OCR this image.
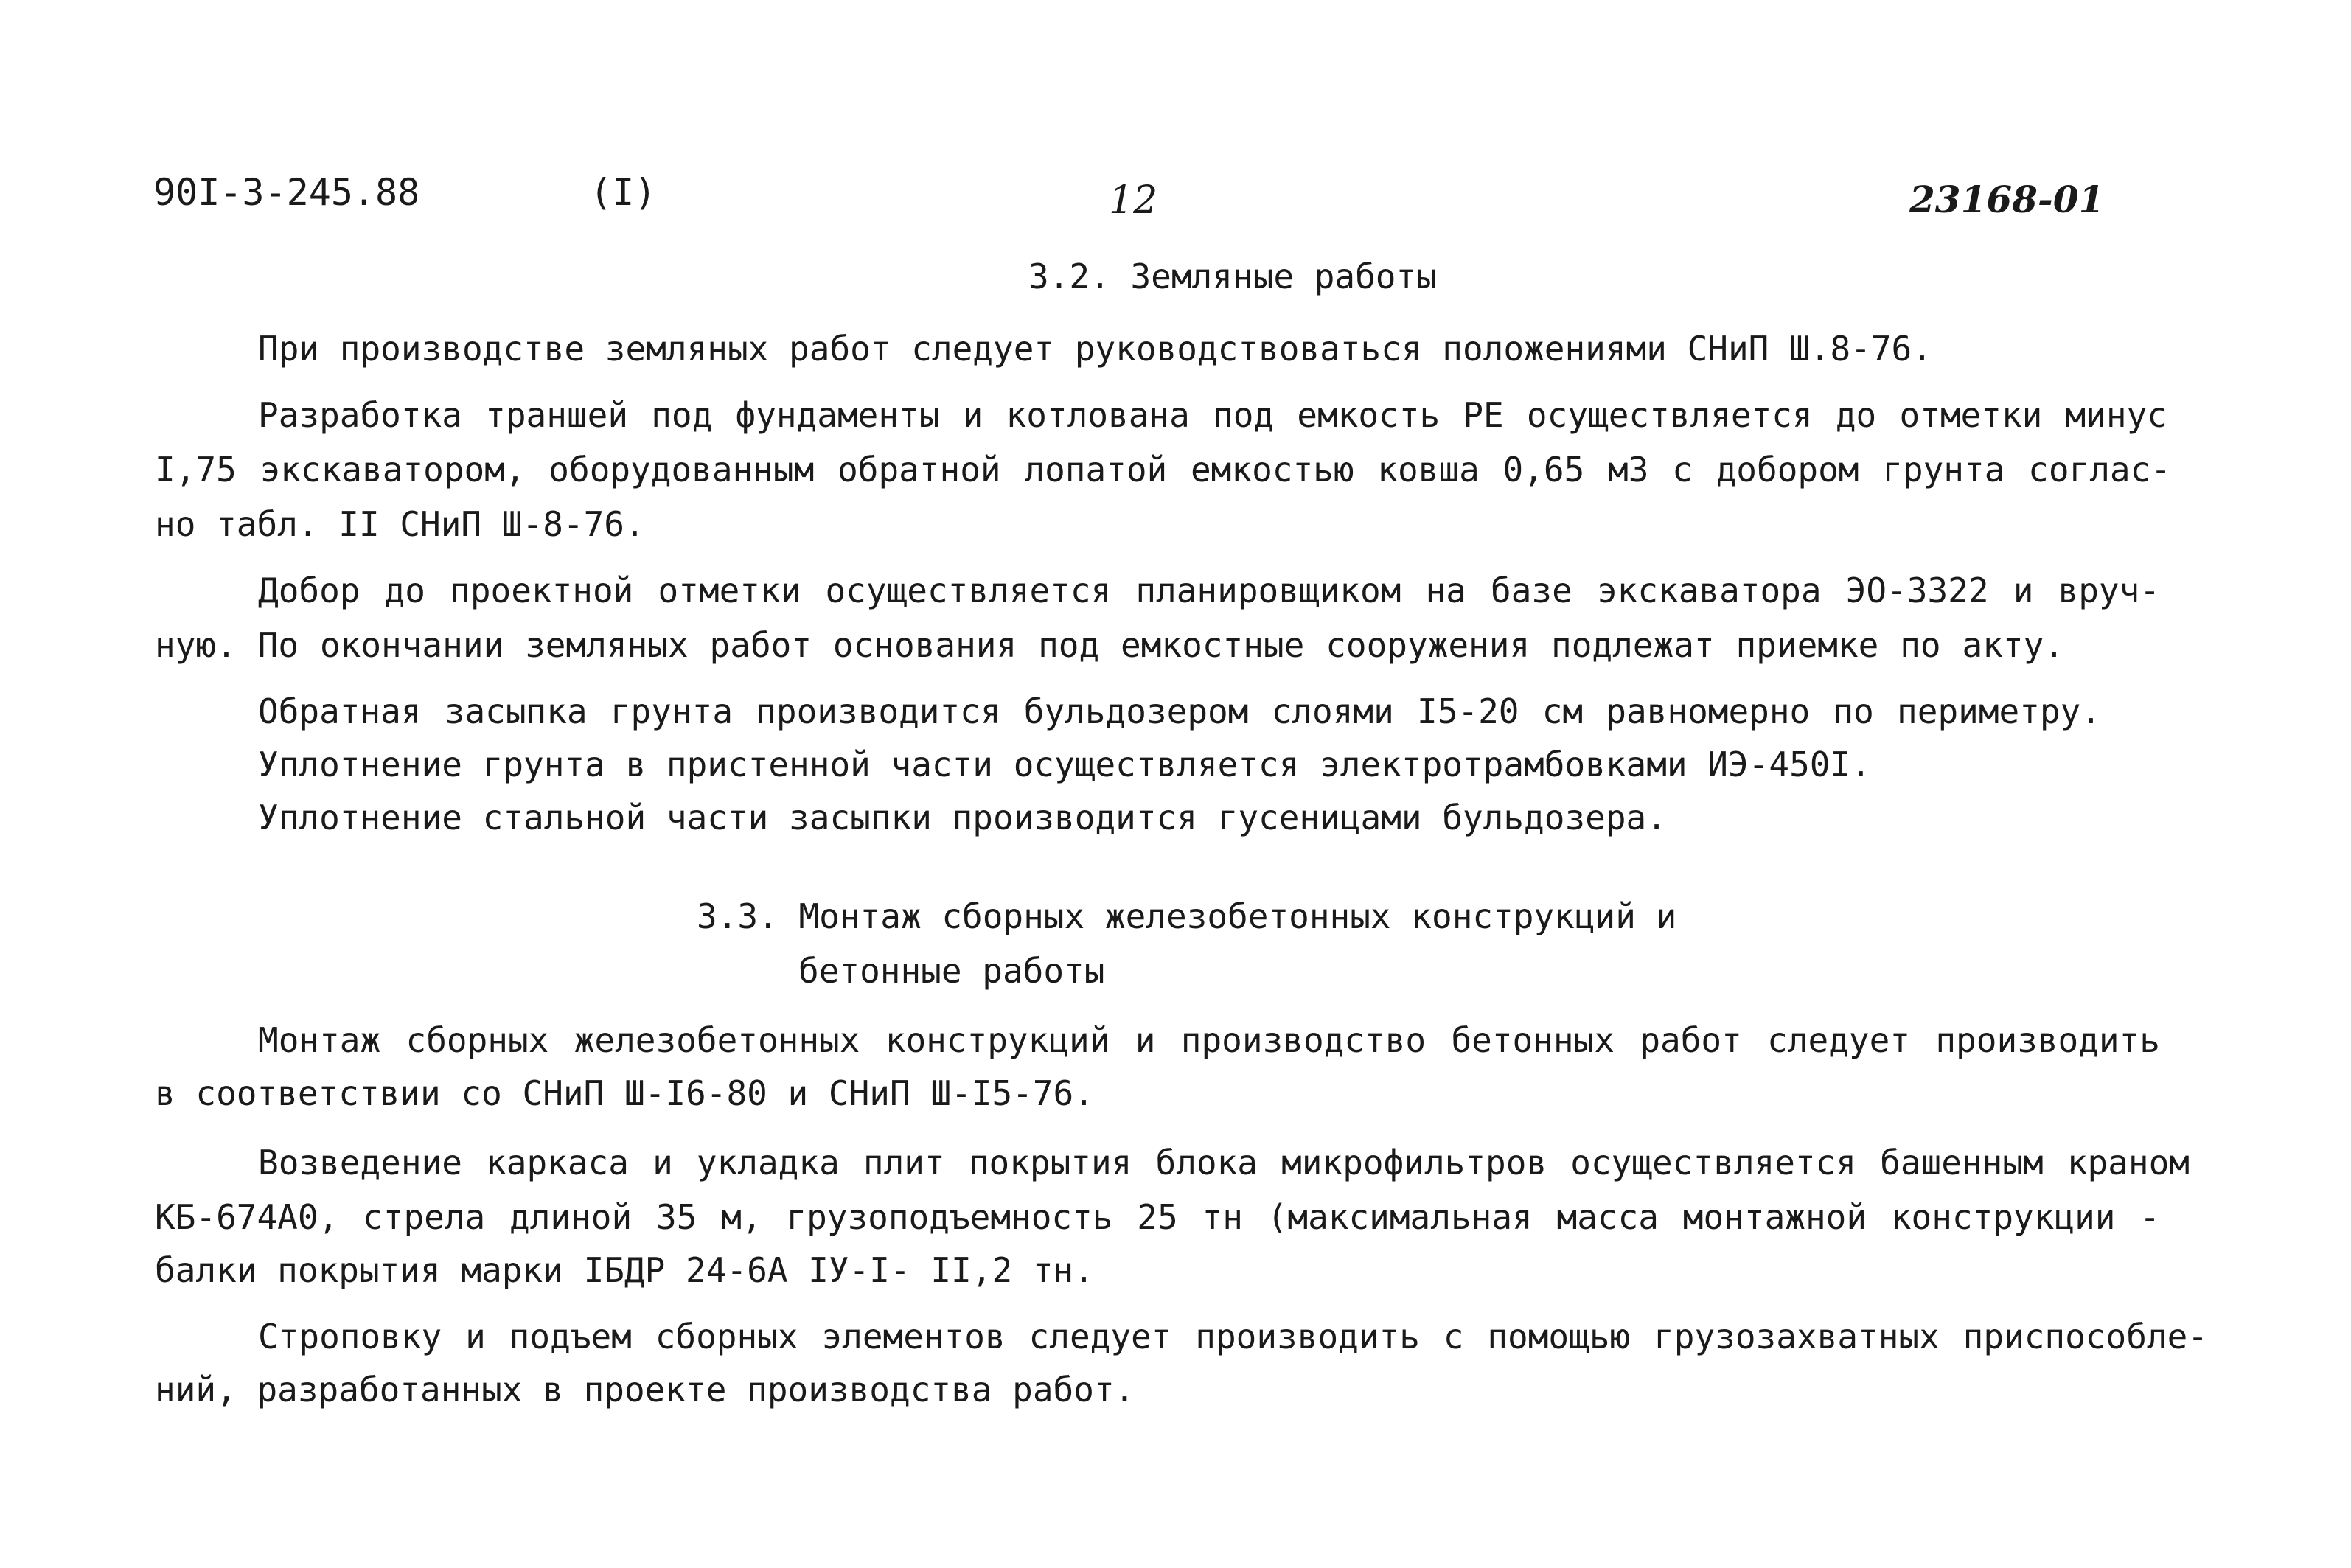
90I-3-245.88	(I)	12	23168-01
3.2. Земляные работы
При производстве земляных работ следует руководствоваться положениями СНиП Ш.8-76.
Разработка траншей под фундаменты и котлована под емкость РЕ осуществляется до отметки минус
I,75 экскаватором, оборудованным обратной лопатой емкостью ковша 0,65 м3 с добором грунта соглас-
но табл. II СНиП Ш-8-76.
Добор до проектной отметки осуществляется планировщиком на базе экскаватора ЭО-3322 и вруч-
ную. По окончании земляных работ основания под емкостные сооружения подлежат приемке по акту.
Обратная засыпка грунта производится бульдозером слоями I5-20 см равномерно по периметру.
Уплотнение грунта в пристенной части осуществляется электротрамбовками ИЭ-450I.
Уплотнение стальной части засыпки производится гусеницами бульдозера.
3.3. Монтаж сборных железобетонных конструкций и
бетонные работы
Монтаж сборных железобетонных конструкций и производство бетонных работ следует производить
в соответствии со СНиП Ш-I6-80 и СНиП Ш-I5-76.
Возведение каркаса и укладка плит покрытия блока микрофильтров осуществляется башенным краном
КБ-674А0, стрела длиной 35 м, грузоподъемность 25 тн (максимальная масса монтажной конструкции -
балки покрытия марки IБДР 24-6А IУ-I- II,2 тн.
Строповку и подъем сборных элементов следует производить с помощью грузозахватных приспособле-
ний, разработанных в проекте производства работ.
